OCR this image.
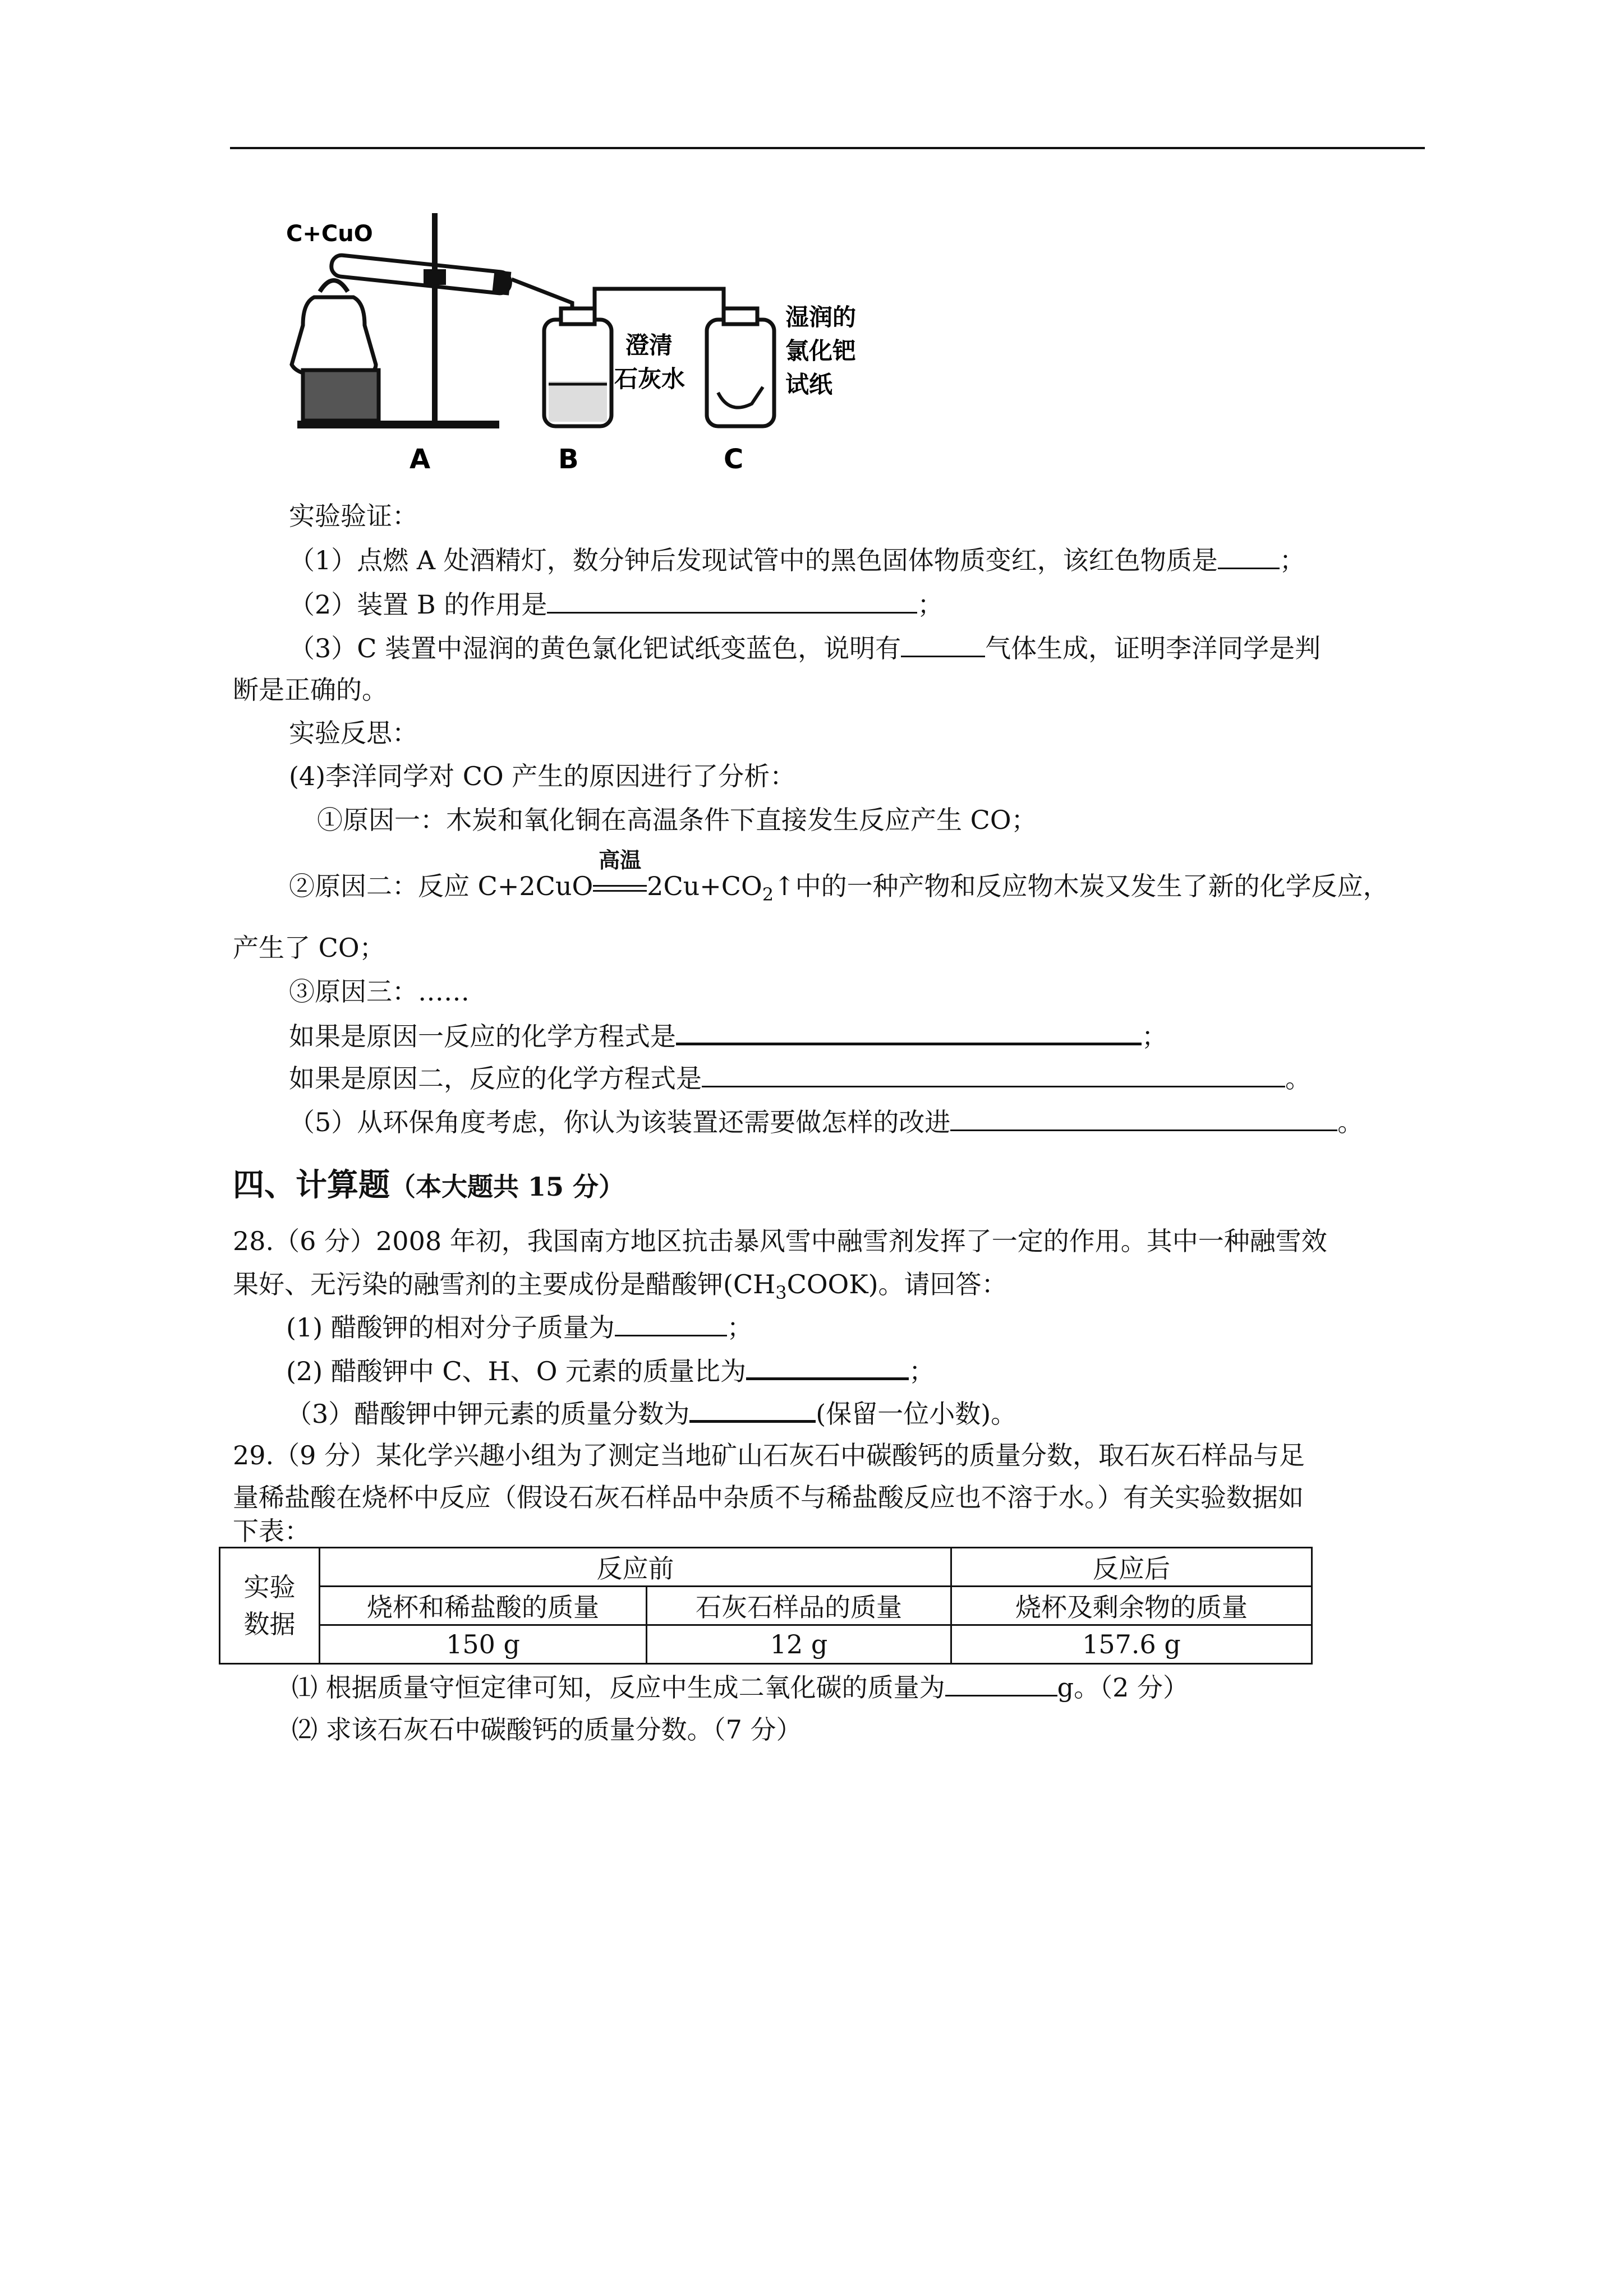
C+CuO
澄清
石灰水
湿润的
氯化钯
试纸
A	B	C
实验验证：
（1）点燃 A 处酒精灯，数分钟后发现试管中的黑色固体物质变红，该红色物质是 ；
（2）装置 B 的作用是	；
（3）C 装置中湿润的黄色氯化钯试纸变蓝色，说明有	气体生成，证明李洋同学是判
断是正确的。
实验反思：
(4)李洋同学对 CO 产生的原因进行了分析：
①原因一：木炭和氧化铜在高温条件下直接发生反应产生 CO；
②原因二：反应 C+2CuO
高温
$2Cu+CO_2↑$中的一种产物和反应物木炭又发生了新的化学反应，
产生了 CO；
③原因三：……
如果是原因一反应的化学方程式是	；
如果是原因二，反应的化学方程式是	。
（5）从环保角度考虑，你认为该装置还需要做怎样的改进	。
四、计算题（本大题共 15 分）
28.（6 分）2008 年初，我国南方地区抗击暴风雪中融雪剂发挥了一定的作用。其中一种融雪效
果好、无污染的融雪剂的主要成份是醋酸钾$(CH_3COOK)$。请回答：
(1) 醋酸钾的相对分子质量为	；
(2) 醋酸钾中 C、H、O 元素的质量比为	；
（3）醋酸钾中钾元素的质量分数为	(保留一位小数)。
29.（9 分）某化学兴趣小组为了测定当地矿山石灰石中碳酸钙的质量分数，取石灰石样品与足
量稀盐酸在烧杯中反应（假设石灰石样品中杂质不与稀盐酸反应也不溶于水。）有关实验数据如
下表：
实验
数据	反应前		反应后
	烧杯和稀盐酸的质量	石灰石样品的质量	烧杯及剩余物的质量
	150 g	12 g	157.6 g
⑴ 根据质量守恒定律可知，反应中生成二氧化碳的质量为	g。（2 分）
⑵ 求该石灰石中碳酸钙的质量分数。（7 分）
